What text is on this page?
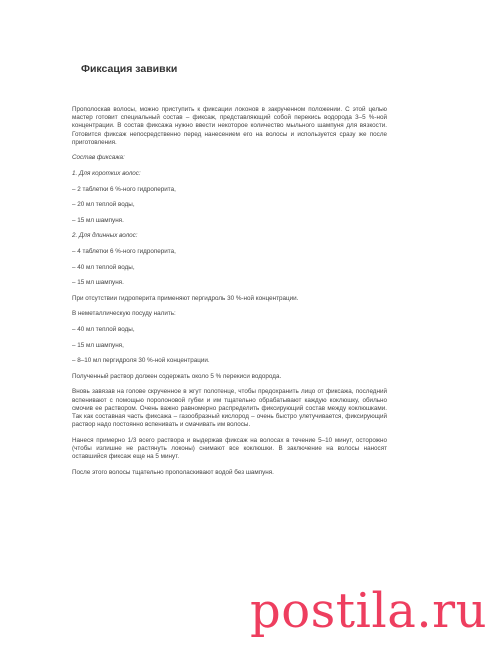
Фиксация завивки

Прополоскав волосы, можно приступить к фиксации локонов в закрученном положении. С этой целью мастер готовит специальный состав – фиксаж, представляющий собой перекись водорода 3–5 %-ной концентрации. В состав фиксажа нужно ввести некоторое количество мыльного шампуня для вязкости. Готовится фиксаж непосредственно перед нанесением его на волосы и используется сразу же после приготовления.

Состав фиксажа:

1. Для коротких волос:

– 2 таблетки 6 %-ного гидроперита,

– 20 мл теплой воды,

– 15 мл шампуня.

2. Для длинных волос:

– 4 таблетки 6 %-ного гидроперита,

– 40 мл теплой воды,

– 15 мл шампуня.

При отсутствии гидроперита применяют пергидроль 30 %-ной концентрации.

В неметаллическую посуду налить:

– 40 мл теплой воды,

– 15 мл шампуня,

– 8–10 мл пергидроля 30 %-ной концентрации.

Полученный раствор должен содержать около 5 % перекиси водорода.

Вновь завязав на голове скрученное в жгут полотенце, чтобы предохранить лицо от фиксажа, последний вспенивают с помощью поролоновой губки и им тщательно обрабатывают каждую коклюшку, обильно смочив ее раствором. Очень важно равномерно распределить фиксирующий состав между коклюшками. Так как составная часть фиксажа – газообразный кислород – очень быстро улетучивается, фиксирующий раствор надо постоянно вспенивать и смачивать им волосы.

Нанеся примерно 1/3 всего раствора и выдержав фиксаж на волосах в течение 5–10 минут, осторожно (чтобы излишне не растянуть локоны) снимают все коклюшки. В заключение на волосы наносят оставшийся фиксаж еще на 5 минут.

После этого волосы тщательно прополаскивают водой без шампуня.

postila.ru
